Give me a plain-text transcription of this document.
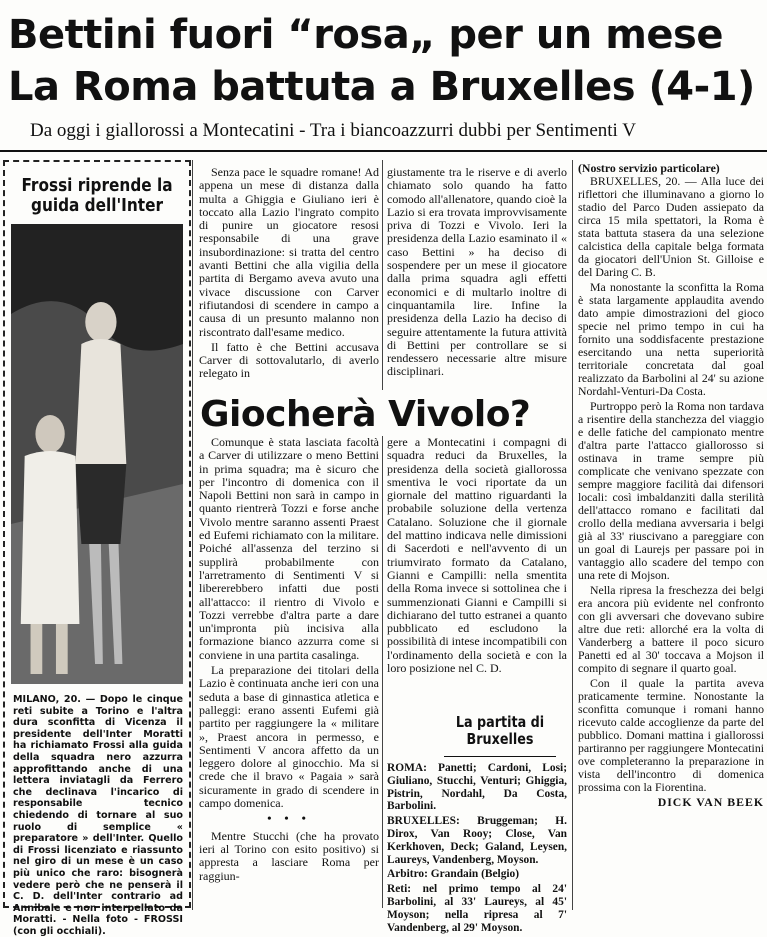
Bettini fuori “rosa„ per un mese
La Roma battuta a Bruxelles (4-1)
Da oggi i giallorossi a Montecatini - Tra i biancoazzurri dubbi per Sentimenti V
Frossi riprende la guida dell'Inter
MILANO, 20. — Dopo le cinque reti subite a Torino e l'altra dura sconfitta di Vicenza il presidente dell'Inter Moratti ha richiamato Frossi alla guida della squadra nero azzurra approfittando anche di una lettera inviatagli da Ferrero che declinava l'incarico di responsabile tecnico chiedendo di tornare al suo ruolo di semplice « preparatore » dell'Inter. Quello di Frossi licenziato e riassunto nel giro di un mese è un caso più unico che raro: bisognerà vedere però che ne penserà il C. D. dell'Inter contrario ad Annibale e non interpellato da Moratti. - Nella foto - FROSSI (con gli occhiali).

Senza pace le squadre romane! Ad appena un mese di distanza dalla multa a Ghiggia e Giuliano ieri è toccato alla Lazio l'ingrato compito di punire un giocatore resosi responsabile di una grave insubordinazione: si tratta del centro avanti Bettini che alla vigilia della partita di Bergamo aveva avuto una vivace discussione con Carver rifiutandosi di scendere in campo a causa di un presunto malanno non riscontrato dall'esame medico.

Il fatto è che Bettini accusava Carver di sottovalutarlo, di averlo relegato in

giustamente tra le riserve e di averlo chiamato solo quando ha fatto comodo all'allenatore, quando cioè la Lazio si era trovata improvvisamente priva di Tozzi e Vivolo. Ieri la presidenza della Lazio esaminato il « caso Bettini » ha deciso di sospendere per un mese il giocatore dalla prima squadra agli effetti economici e di multarlo inoltre di cinquantamila lire. Infine la presidenza della Lazio ha deciso di seguire attentamente la futura attività di Bettini per controllare se si rendessero necessarie altre misure disciplinari.

Giocherà Vivolo?

Comunque è stata lasciata facoltà a Carver di utilizzare o meno Bettini in prima squadra; ma è sicuro che per l'incontro di domenica con il Napoli Bettini non sarà in campo in quanto rientrerà Tozzi e forse anche Vivolo mentre saranno assenti Praest ed Eufemi richiamato con la militare. Poiché all'assenza del terzino si supplirà probabilmente con l'arretramento di Sentimenti V si libererebbero infatti due posti all'attacco: il rientro di Vivolo e Tozzi verrebbe d'altra parte a dare un'impronta più incisiva alla formazione bianco azzurra come si conviene in una partita casalinga.

La preparazione dei titolari della Lazio è continuata anche ieri con una seduta a base di ginnastica atletica e palleggi: erano assenti Eufemi già partito per raggiungere la « militare », Praest ancora in permesso, e Sentimenti V ancora affetto da un leggero dolore al ginocchio. Ma si crede che il bravo « Pagaia » sarà sicuramente in grado di scendere in campo domenica.

• • •

Mentre Stucchi (che ha provato ieri al Torino con esito positivo) si appresta a lasciare Roma per raggiun-

gere a Montecatini i compagni di squadra reduci da Bruxelles, la presidenza della società giallorossa smentiva le voci riportate da un giornale del mattino riguardanti la probabile soluzione della vertenza Catalano. Soluzione che il giornale del mattino indicava nelle dimissioni di Sacerdoti e nell'avvento di un triumvirato formato da Catalano, Gianni e Campilli: nella smentita della Roma invece si sottolinea che i summenzionati Gianni e Campilli si dichiarano del tutto estranei a quanto pubblicato ed escludono la possibilità di intese incompatibili con l'ordinamento della società e con la loro posizione nel C. D.

La partita di Bruxelles

ROMA: Panetti; Cardoni, Losi; Giuliano, Stucchi, Venturi; Ghiggia, Pistrin, Nordahl, Da Costa, Barbolini.

BRUXELLES: Bruggeman; H. Dirox, Van Rooy; Close, Van Kerkhoven, Deck; Galand, Leysen, Laureys, Vandenberg, Moyson.

Arbitro: Grandain (Belgio)

Reti: nel primo tempo al 24' Barbolini, al 33' Laureys, al 45' Moyson; nella ripresa al 7' Vandenberg, al 29' Moyson.

(Nostro servizio particolare)

BRUXELLES, 20. — Alla luce dei riflettori che illuminavano a giorno lo stadio del Parco Duden assiepato da circa 15 mila spettatori, la Roma è stata battuta stasera da una selezione calcistica della capitale belga formata da giocatori dell'Union St. Gilloise e del Daring C. B.

Ma nonostante la sconfitta la Roma è stata largamente applaudita avendo dato ampie dimostrazioni del gioco specie nel primo tempo in cui ha fornito una soddisfacente prestazione esercitando una netta superiorità territoriale concretata dal goal realizzato da Barbolini al 24' su azione Nordahl-Venturi-Da Costa.

Purtroppo però la Roma non tardava a risentire della stanchezza del viaggio e delle fatiche del campionato mentre d'altra parte l'attacco giallorosso si ostinava in trame sempre più complicate che venivano spezzate con sempre maggiore facilità dai difensori locali: così imbaldanziti dalla sterilità dell'attacco romano e facilitati dal crollo della mediana avversaria i belgi già al 33' riuscivano a pareggiare con un goal di Laurejs per passare poi in vantaggio allo scadere del tempo con una rete di Mojson.

Nella ripresa la freschezza dei belgi era ancora più evidente nel confronto con gli avversari che dovevano subire altre due reti: allorché era la volta di Vanderberg a battere il poco sicuro Panetti ed al 30' toccava a Mojson il compito di segnare il quarto goal.

Con il quale la partita aveva praticamente termine. Nonostante la sconfitta comunque i romani hanno ricevuto calde accoglienze da parte del pubblico. Domani mattina i giallorossi partiranno per raggiungere Montecatini ove completeranno la preparazione in vista dell'incontro di domenica prossima con la Fiorentina.

DICK VAN BEEK
